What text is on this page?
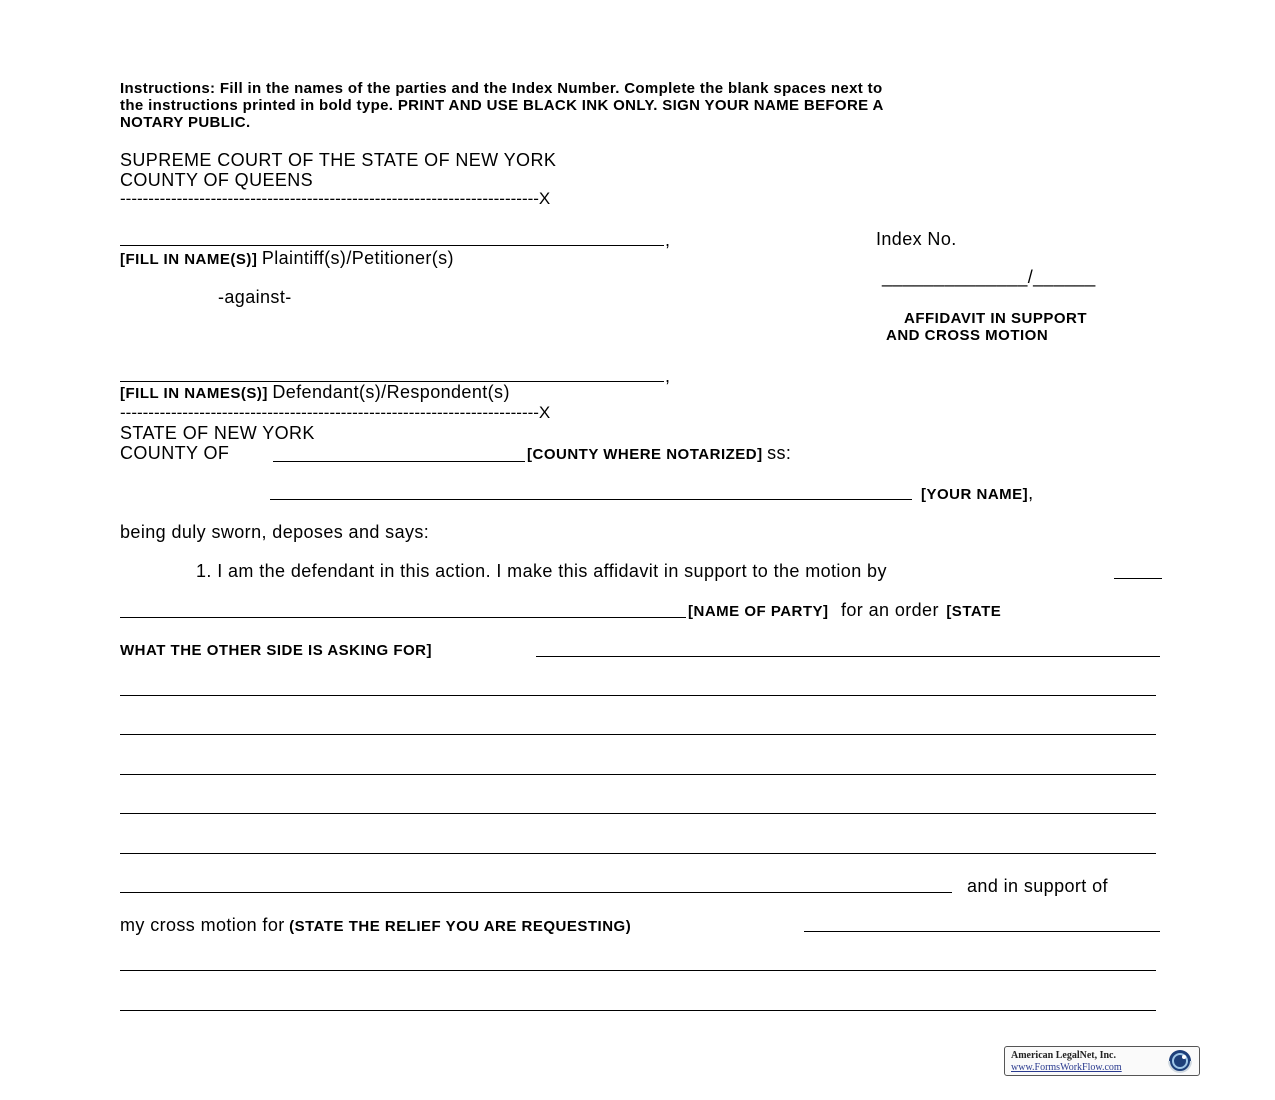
Instructions: Fill in the names of the parties and the Index Number. Complete the blank spaces next to
the instructions printed in bold type. PRINT AND USE BLACK INK ONLY. SIGN YOUR NAME BEFORE A
NOTARY PUBLIC.
SUPREME COURT OF THE STATE OF NEW YORK
COUNTY OF QUEENS
--------------------------------------------------------------------------X
,
[FILL IN NAME(S)] Plaintiff(s)/Petitioner(s)
Index No.
______________/______
-against-
AFFIDAVIT IN SUPPORT
AND CROSS MOTION
,
[FILL IN NAMES(S)] Defendant(s)/Respondent(s)
--------------------------------------------------------------------------X
STATE OF NEW YORK
COUNTY OF	[COUNTY WHERE NOTARIZED] ss:
[YOUR NAME],
being duly sworn, deposes and says:
1. I am the defendant in this action. I make this affidavit in support to the motion by
[NAME OF PARTY] for an order [STATE
WHAT THE OTHER SIDE IS ASKING FOR]
and in support of
my cross motion for (STATE THE RELIEF YOU ARE REQUESTING)
American LegalNet, Inc.
www.FormsWorkFlow.com
